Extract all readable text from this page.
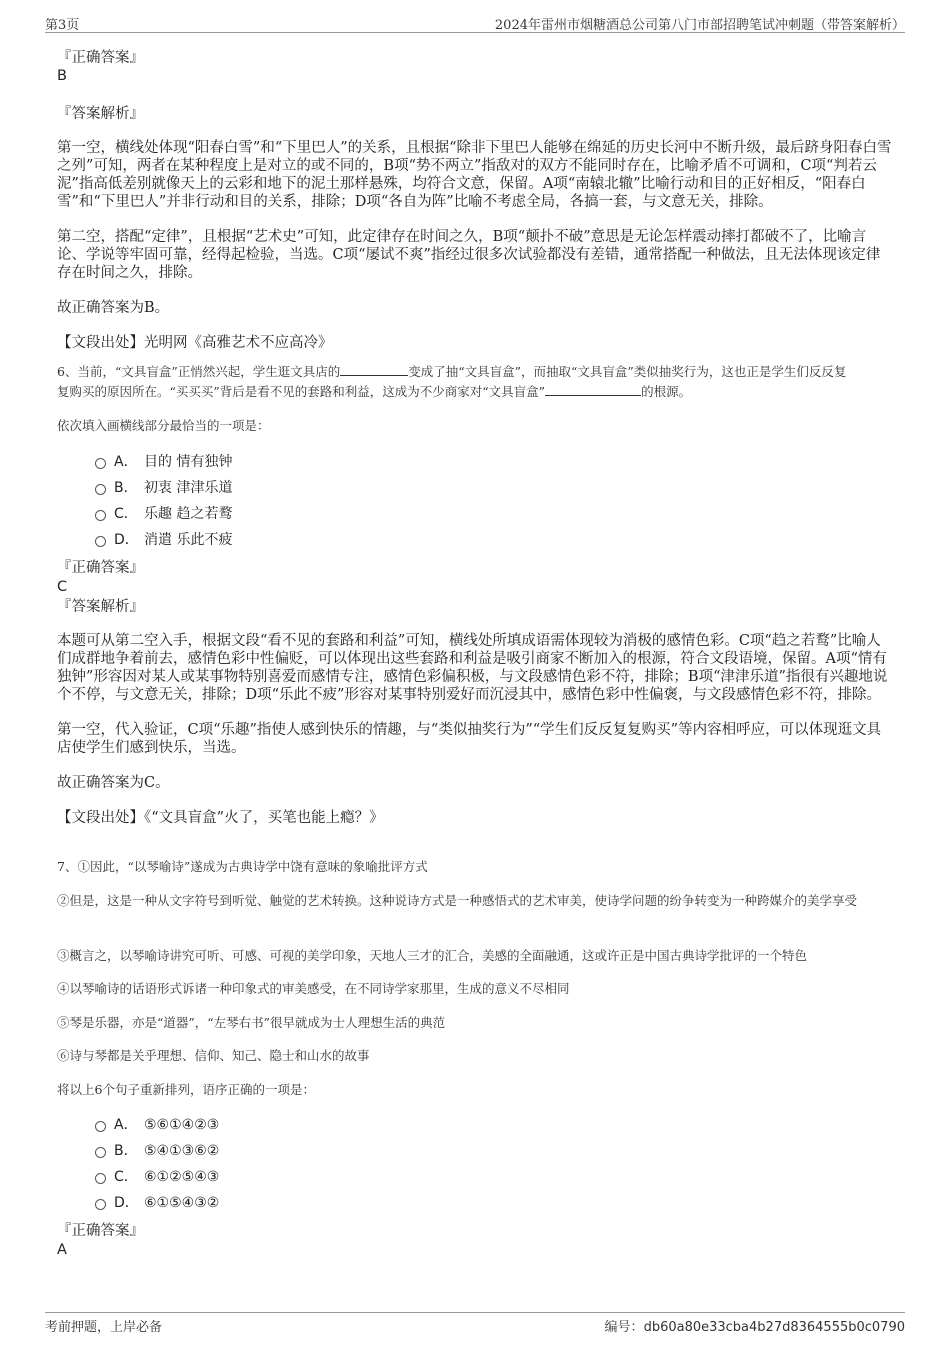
第3页	2024年雷州市烟糖酒总公司第八门市部招聘笔试冲刺题（带答案解析）
『正确答案』
B
『答案解析』

第一空，横线处体现“阳春白雪”和“下里巴人”的关系，且根据“除非下里巴人能够在绵延的历史长河中不断升级，最后跻身阳春白雪之列”可知，两者在某种程度上是对立的或不同的，B项“势不两立”指敌对的双方不能同时存在，比喻矛盾不可调和，C项“判若云泥”指高低差别就像天上的云彩和地下的泥土那样悬殊，均符合文意，保留。A项“南辕北辙”比喻行动和目的正好相反，“阳春白雪”和“下里巴人”并非行动和目的关系，排除；D项“各自为阵”比喻不考虑全局，各搞一套，与文意无关，排除。

第二空，搭配“定律”，且根据“艺术史”可知，此定律存在时间之久，B项“颠扑不破”意思是无论怎样震动摔打都破不了，比喻言论、学说等牢固可靠，经得起检验，当选。C项“屡试不爽”指经过很多次试验都没有差错，通常搭配一种做法，且无法体现该定律存在时间之久，排除。

故正确答案为B。

【文段出处】光明网《高雅艺术不应高冷》

6、当前，“文具盲盒”正悄然兴起，学生逛文具店的	变成了抽“文具盲盒”，而抽取“文具盲盒”类似抽奖行为，这也正是学生们反反复
复购买的原因所在。“买买买”背后是看不见的套路和利益，这成为不少商家对“文具盲盒”	的根源。
依次填入画横线部分最恰当的一项是：
A． 目的 情有独钟
B． 初衷 津津乐道
C． 乐趣 趋之若鹜
D． 消遣 乐此不疲
『正确答案』
C
『答案解析』

本题可从第二空入手，根据文段“看不见的套路和利益”可知，横线处所填成语需体现较为消极的感情色彩。C项“趋之若鹜”比喻人们成群地争着前去，感情色彩中性偏贬，可以体现出这些套路和利益是吸引商家不断加入的根源，符合文段语境，保留。A项“情有独钟”形容因对某人或某事物特别喜爱而感情专注，感情色彩偏积极，与文段感情色彩不符，排除；B项“津津乐道”指很有兴趣地说个不停，与文意无关，排除；D项“乐此不疲”形容对某事特别爱好而沉浸其中，感情色彩中性偏褒，与文段感情色彩不符，排除。

第一空，代入验证，C项“乐趣”指使人感到快乐的情趣，与“类似抽奖行为”“学生们反反复复购买”等内容相呼应，可以体现逛文具店使学生们感到快乐，当选。

故正确答案为C。

【文段出处】《“文具盲盒”火了，买笔也能上瘾？》

7、①因此，“以琴喻诗”遂成为古典诗学中饶有意味的象喻批评方式
②但是，这是一种从文字符号到听觉、触觉的艺术转换。这种说诗方式是一种感悟式的艺术审美，使诗学问题的纷争转变为一种跨媒介的美学享受
③概言之，以琴喻诗讲究可听、可感、可视的美学印象，天地人三才的汇合，美感的全面融通，这或许正是中国古典诗学批评的一个特色
④以琴喻诗的话语形式诉诸一种印象式的审美感受，在不同诗学家那里，生成的意义不尽相同
⑤琴是乐器，亦是“道器”，“左琴右书”很早就成为士人理想生活的典范
⑥诗与琴都是关乎理想、信仰、知己、隐士和山水的故事
将以上6个句子重新排列，语序正确的一项是：
A． ⑤⑥①④②③
B． ⑤④①③⑥②
C． ⑥①②⑤④③
D． ⑥①⑤④③②
『正确答案』
A
考前押题，上岸必备	编号：db60a80e33cba4b27d8364555b0c0790
